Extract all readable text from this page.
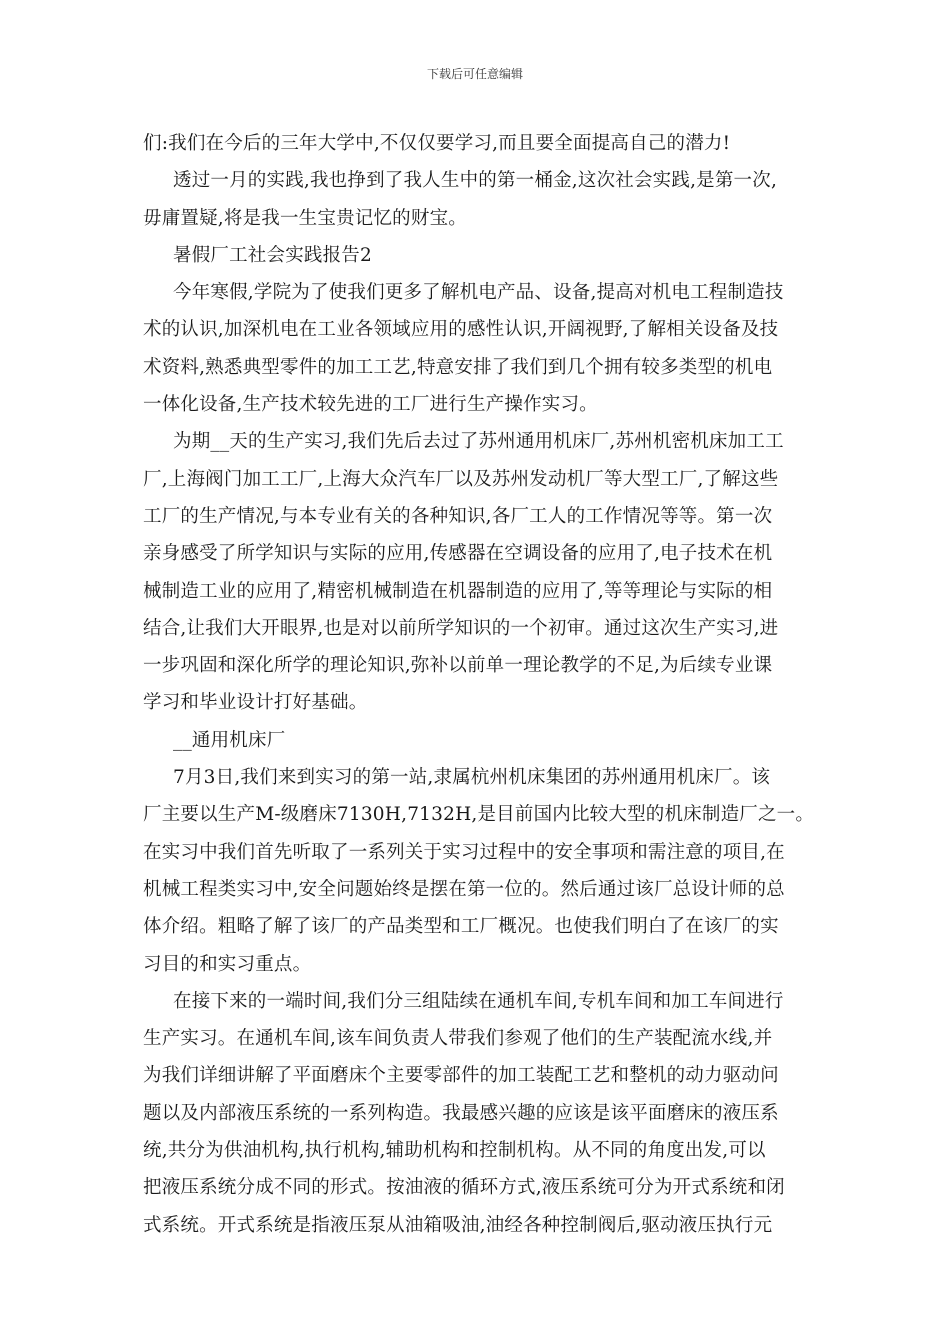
下载后可任意编辑
们:我们在今后的三年大学中,不仅仅要学习,而且要全面提高自己的潜力!
透过一月的实践,我也挣到了我人生中的第一桶金,这次社会实践,是第一次,
毋庸置疑,将是我一生宝贵记忆的财宝。
暑假厂工社会实践报告2
今年寒假,学院为了使我们更多了解机电产品、设备,提高对机电工程制造技
术的认识,加深机电在工业各领域应用的感性认识,开阔视野,了解相关设备及技
术资料,熟悉典型零件的加工工艺,特意安排了我们到几个拥有较多类型的机电
一体化设备,生产技术较先进的工厂进行生产操作实习。
为期__天的生产实习,我们先后去过了苏州通用机床厂,苏州机密机床加工工
厂,上海阀门加工工厂,上海大众汽车厂以及苏州发动机厂等大型工厂,了解这些
工厂的生产情况,与本专业有关的各种知识,各厂工人的工作情况等等。第一次
亲身感受了所学知识与实际的应用,传感器在空调设备的应用了,电子技术在机
械制造工业的应用了,精密机械制造在机器制造的应用了,等等理论与实际的相
结合,让我们大开眼界,也是对以前所学知识的一个初审。通过这次生产实习,进
一步巩固和深化所学的理论知识,弥补以前单一理论教学的不足,为后续专业课
学习和毕业设计打好基础。
__通用机床厂
7月3日,我们来到实习的第一站,隶属杭州机床集团的苏州通用机床厂。该
厂主要以生产M-级磨床7130H,7132H,是目前国内比较大型的机床制造厂之一。
在实习中我们首先听取了一系列关于实习过程中的安全事项和需注意的项目,在
机械工程类实习中,安全问题始终是摆在第一位的。然后通过该厂总设计师的总
体介绍。粗略了解了该厂的产品类型和工厂概况。也使我们明白了在该厂的实
习目的和实习重点。
在接下来的一端时间,我们分三组陆续在通机车间,专机车间和加工车间进行
生产实习。在通机车间,该车间负责人带我们参观了他们的生产装配流水线,并
为我们详细讲解了平面磨床个主要零部件的加工装配工艺和整机的动力驱动问
题以及内部液压系统的一系列构造。我最感兴趣的应该是该平面磨床的液压系
统,共分为供油机构,执行机构,辅助机构和控制机构。从不同的角度出发,可以
把液压系统分成不同的形式。按油液的循环方式,液压系统可分为开式系统和闭
式系统。开式系统是指液压泵从油箱吸油,油经各种控制阀后,驱动液压执行元
